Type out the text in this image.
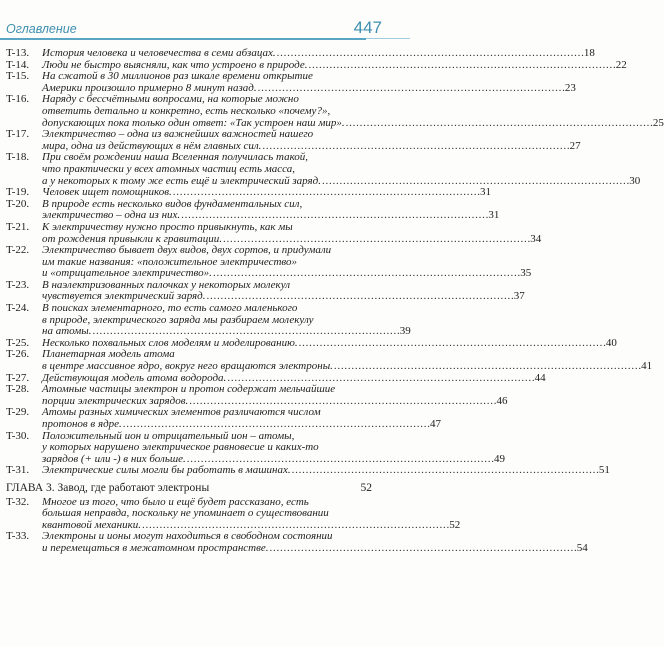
Оглавление	447
T-13.	История человека и человечества в семи абзацах. . . .	18
T-14.	Люди не быстро выясняли, как что устроено в природе. . . .	22
T-15.	На сжатой в 30 миллионов раз шкале времени открытие
Америки произошло примерно 8 минут назад. . . .	23
T-16.	Наряду с бессчётными вопросами, на которые можно
ответить детально и конкретно, есть несколько «почему?»,
допускающих пока только один ответ: «Так устроен наш мир». . . .	25
T-17.	Электричество – одна из важнейших важностей нашего
мира, одна из действующих в нём главных сил. . . .	27
T-18.	При своём рождении наша Вселенная получилась такой,
что практически у всех атомных частиц есть масса,
а у некоторых к тому же есть ещё и электрический заряд. . . .	30
T-19.	Человек ищет помощников. . . .	31
T-20.	В природе есть несколько видов фундаментальных сил,
электричество – одна из них. . . .	31
T-21.	К электричеству нужно просто привыкнуть, как мы
от рождения привыкли к гравитации. . . .	34
T-22.	Электричество бывает двух видов, двух сортов, и придумали
им такие названия: «положительное электричество»
и «отрицательное электричество». . . .	35
T-23.	В наэлектризованных палочках у некоторых молекул
чувствуется электрический заряд. . . .	37
T-24.	В поисках элементарного, то есть самого маленького
в природе, электрического заряда мы разбираем молекулу
на атомы. . . .	39
T-25.	Несколько похвальных слов моделям и моделированию. . . .	40
T-26.	Планетарная модель атома
в центре массивное ядро, вокруг него вращаются электроны. . . .	41
T-27.	Действующая модель атома водорода. . . .	44
T-28.	Атомные частицы электрон и протон содержат мельчайшие
порции электрических зарядов. . . .	46
T-29.	Атомы разных химических элементов различаются числом
протонов в ядре. . . .	47
T-30.	Положительный ион и отрицательный ион – атомы,
у которых нарушено электрическое равновесие и каких-то
зарядов (+ или -) в них больше. . . .	49
T-31.	Электрические силы могли бы работать в машинах. . . .	51
ГЛАВА 3. Завод, где работают электроны	52
T-32.	Многое из того, что было и ещё будет рассказано, есть
большая неправда, поскольку не упоминает о существовании
квантовой механики. . . .	52
T-33.	Электроны и ионы могут находиться в свободном состоянии
и перемещаться в межатомном пространстве. . . .	54
